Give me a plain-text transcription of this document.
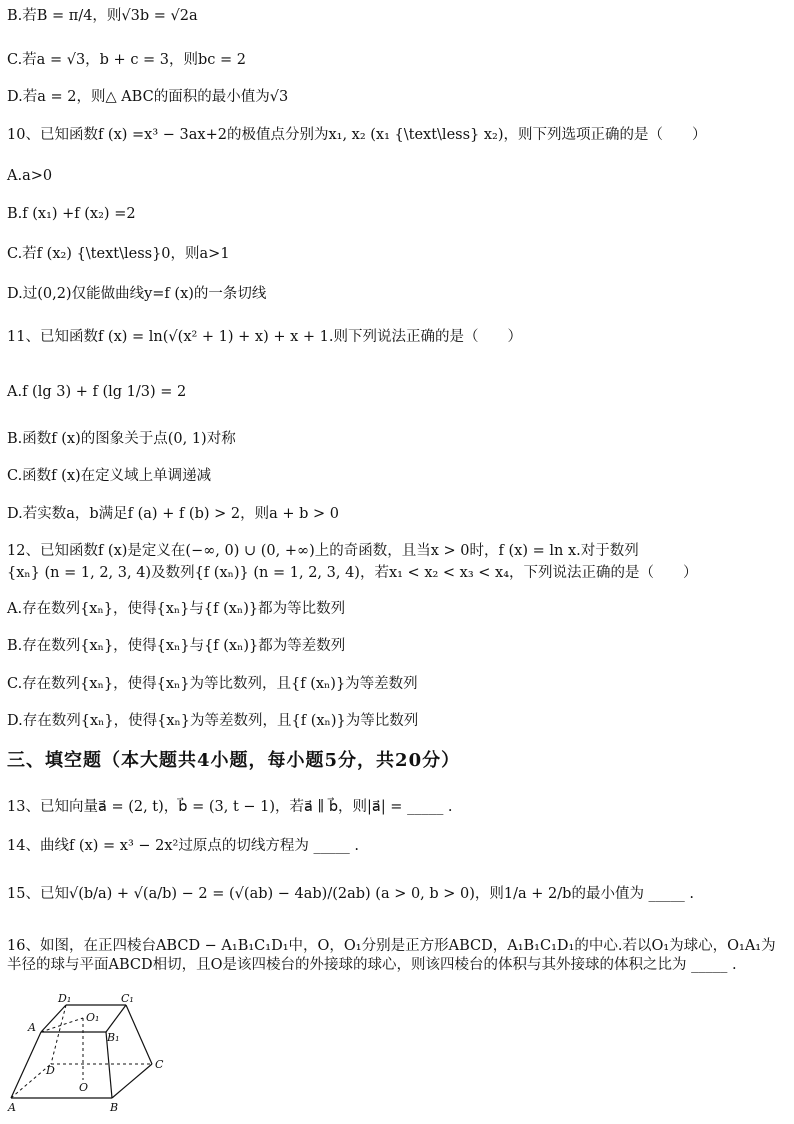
B.若B = π/4，则√3b = √2a
C.若a = √3，b + c = 3，则bc = 2
D.若a = 2，则△ ABC的面积的最小值为√3
10、已知函数f (x) =x³ − 3ax+2的极值点分别为x₁, x₂ (x₁ {\text\less} x₂)，则下列选项正确的是（　　）
A.a>0
B.f (x₁) +f (x₂) =2
C.若f (x₂) {\text\less}0，则a>1
D.过(0,2)仅能做曲线y=f (x)的一条切线
11、已知函数f (x) = ln(√(x² + 1) + x) + x + 1.则下列说法正确的是（　　）
A.f (lg 3) + f (lg 1/3) = 2
B.函数f (x)的图象关于点(0, 1)对称
C.函数f (x)在定义域上单调递减
D.若实数a，b满足f (a) + f (b) > 2，则a + b > 0
12、已知函数f (x)是定义在(−∞, 0) ∪ (0, +∞)上的奇函数，且当x > 0时，f (x) = ln x.对于数列
{xₙ} (n = 1, 2, 3, 4)及数列{f (xₙ)} (n = 1, 2, 3, 4)，若x₁ < x₂ < x₃ < x₄，下列说法正确的是（　　）
A.存在数列{xₙ}，使得{xₙ}与{f (xₙ)}都为等比数列
B.存在数列{xₙ}，使得{xₙ}与{f (xₙ)}都为等差数列
C.存在数列{xₙ}，使得{xₙ}为等比数列，且{f (xₙ)}为等差数列
D.存在数列{xₙ}，使得{xₙ}为等差数列，且{f (xₙ)}为等比数列
三、填空题（本大题共4小题，每小题5分，共20分）
13、已知向量a⃗ = (2, t)，b⃗ = (3, t − 1)，若a⃗ ∥ b⃗，则|a⃗| = _____ .
14、曲线f (x) = x³ − 2x²过原点的切线方程为 _____ .
15、已知√(b/a) + √(a/b) − 2 = (√(ab) − 4ab)/(2ab) (a > 0, b > 0)，则1/a + 2/b的最小值为 _____ .
16、如图，在正四棱台ABCD − A₁B₁C₁D₁中，O，O₁分别是正方形ABCD，A₁B₁C₁D₁的中心.若以O₁为球心，O₁A₁为半径的球与平面ABCD相切，且O是该四棱台的外接球的球心，则该四棱台的体积与其外接球的体积之比为 _____ .
D₁	C₁
O₁
A
B₁
D	C
O
A	B
